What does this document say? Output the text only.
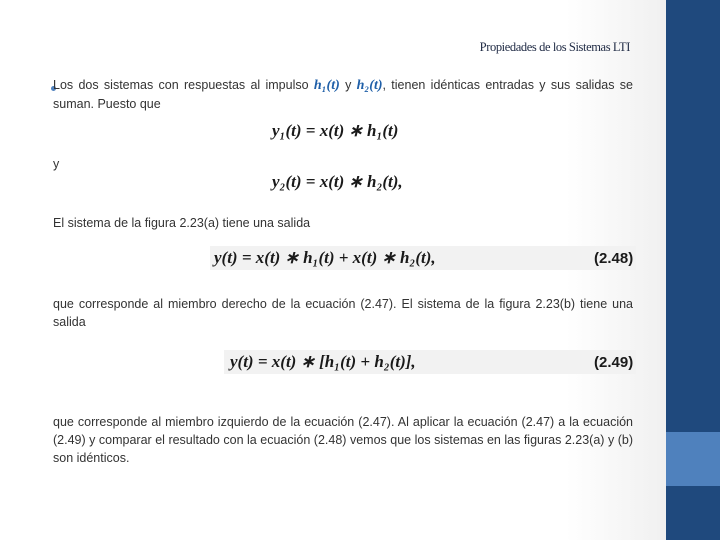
Propiedades de los Sistemas LTI
Los dos sistemas con respuestas al impulso h₁(t) y h₂(t), tienen idénticas entradas y sus salidas se suman. Puesto que
y₁(t) = x(t) ∗ h₁(t)
y
y₂(t) = x(t) ∗ h₂(t),
El sistema de la figura 2.23(a) tiene una salida
y(t) = x(t) ∗ h₁(t) + x(t) ∗ h₂(t),	(2.48)
que corresponde al miembro derecho de la ecuación (2.47). El sistema de la figura 2.23(b) tiene una salida
y(t) = x(t) ∗ [h₁(t) + h₂(t)],	(2.49)
que corresponde al miembro izquierdo de la ecuación (2.47). Al aplicar la ecuación (2.47) a la ecuación (2.49) y comparar el resultado con la ecuación (2.48) vemos que los sistemas en las figuras 2.23(a) y (b) son idénticos.
